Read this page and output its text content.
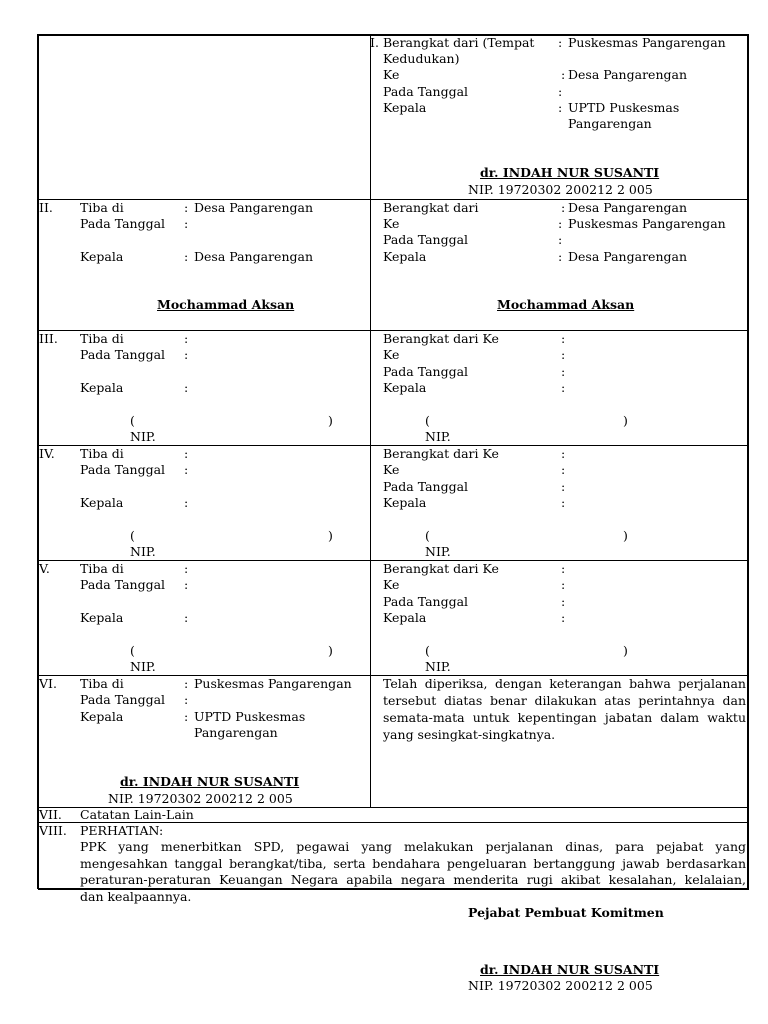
I. Berangkat dari (Tempat
Kedudukan)
: Puskesmas Pangarengan
Ke	: Desa Pangarengan
Pada Tanggal	:
Kepala	: UPTD Puskesmas
Pangarengan
dr. INDAH NUR SUSANTI
NIP. 19720302 200212 2 005
II. Tiba di	: Desa Pangarengan
Pada Tanggal :
Kepala	: Desa Pangarengan
Mochammad Aksan
Berangkat dari	: Desa Pangarengan
Ke	: Puskesmas Pangarengan
Pada Tanggal	:
Kepala	: Desa Pangarengan
Mochammad Aksan
III. Tiba di	:
Pada Tanggal :
Kepala	:
(	)
NIP.
Berangkat dari Ke	:
Ke	:
Pada Tanggal	:
Kepala	:
(	)
NIP.
IV. Tiba di	:
Pada Tanggal :
Kepala	:
(	)
NIP.
Berangkat dari Ke	:
Ke	:
Pada Tanggal	:
Kepala	:
(	)
NIP.
V. Tiba di	:
Pada Tanggal :
Kepala	:
(	)
NIP.
Berangkat dari Ke	:
Ke	:
Pada Tanggal	:
Kepala	:
(	)
NIP.
VI. Tiba di	: Puskesmas Pangarengan
Pada Tanggal :
Kepala	: UPTD Puskesmas
Pangarengan
dr. INDAH NUR SUSANTI
NIP. 19720302 200212 2 005
Telah diperiksa, dengan keterangan bahwa perjalanan
tersebut diatas benar dilakukan atas perintahnya dan
semata-mata untuk kepentingan jabatan dalam waktu
yang sesingkat-singkatnya.
VII. Catatan Lain-Lain
VIII. PERHATIAN:
PPK yang menerbitkan SPD, pegawai yang melakukan perjalanan dinas, para pejabat yang
mengesahkan tanggal berangkat/tiba, serta bendahara pengeluaran bertanggung jawab berdasarkan
peraturan-peraturan Keuangan Negara apabila negara menderita rugi akibat kesalahan, kelalaian,
dan kealpaannya.
Pejabat Pembuat Komitmen
dr. INDAH NUR SUSANTI
NIP. 19720302 200212 2 005
